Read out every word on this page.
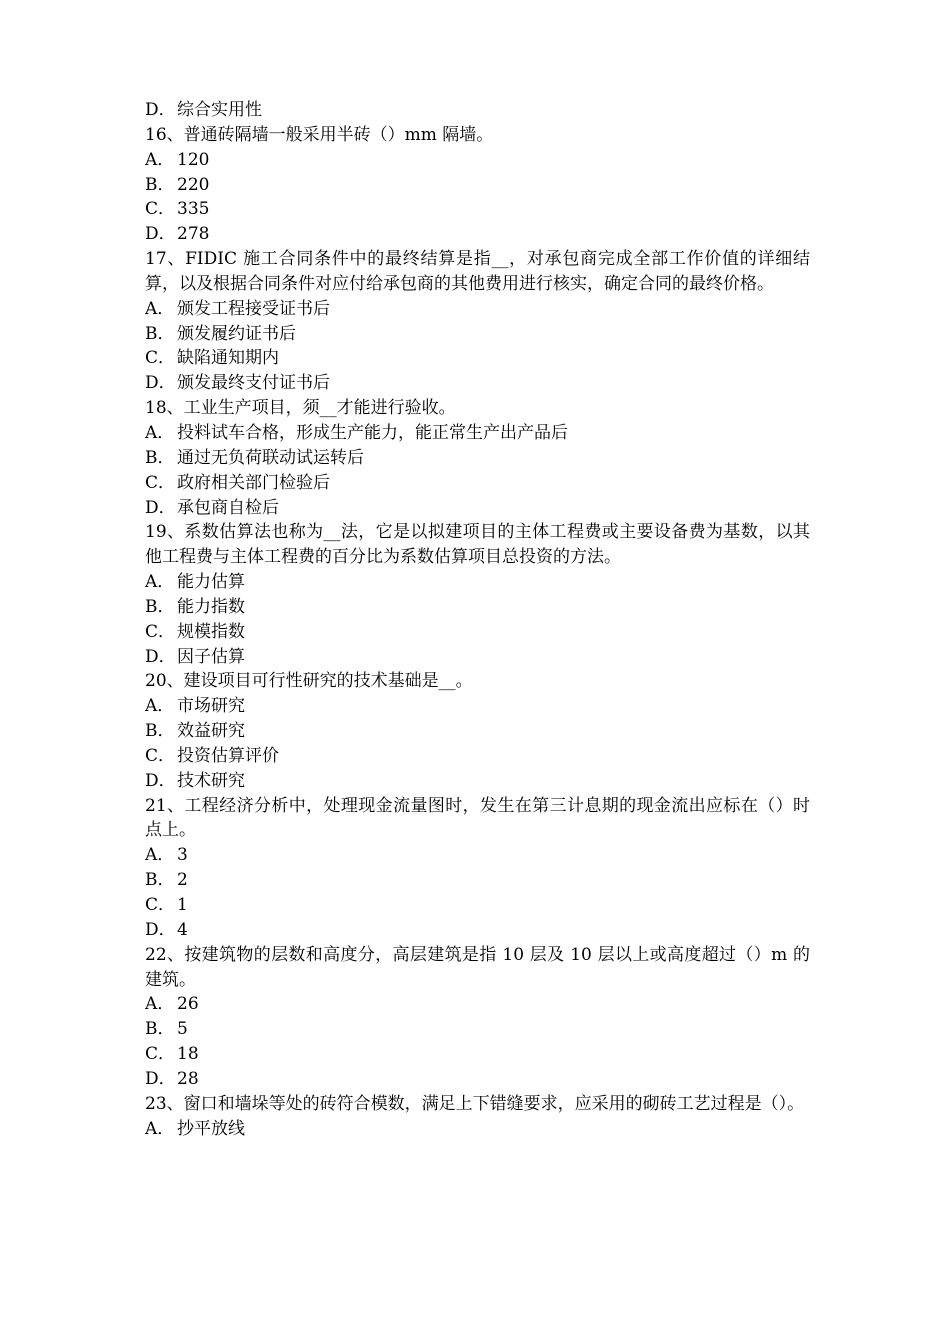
D．综合实用性
16、普通砖隔墙一般采用半砖（）mm 隔墙。
A． 120
B． 220
C． 335
D．278
17、FIDIC 施工合同条件中的最终结算是指__，对承包商完成全部工作价值的详细结算，以及根据合同条件对应付给承包商的其他费用进行核实，确定合同的最终价格。
A． 颁发工程接受证书后
B． 颁发履约证书后
C． 缺陷通知期内
D．颁发最终支付证书后
18、工业生产项目，须__才能进行验收。
A． 投料试车合格，形成生产能力，能正常生产出产品后
B． 通过无负荷联动试运转后
C． 政府相关部门检验后
D．承包商自检后
19、系数估算法也称为__法，它是以拟建项目的主体工程费或主要设备费为基数，以其他工程费与主体工程费的百分比为系数估算项目总投资的方法。
A． 能力估算
B． 能力指数
C． 规模指数
D．因子估算
20、建设项目可行性研究的技术基础是__。
A． 市场研究
B． 效益研究
C． 投资估算评价
D．技术研究
21、工程经济分析中，处理现金流量图时，发生在第三计息期的现金流出应标在（）时点上。
A． 3
B． 2
C． 1
D．4
22、按建筑物的层数和高度分，高层建筑是指 10 层及 10 层以上或高度超过（）m 的建筑。
A． 26
B． 5
C． 18
D．28
23、窗口和墙垛等处的砖符合模数，满足上下错缝要求，应采用的砌砖工艺过程是（）。
A． 抄平放线
